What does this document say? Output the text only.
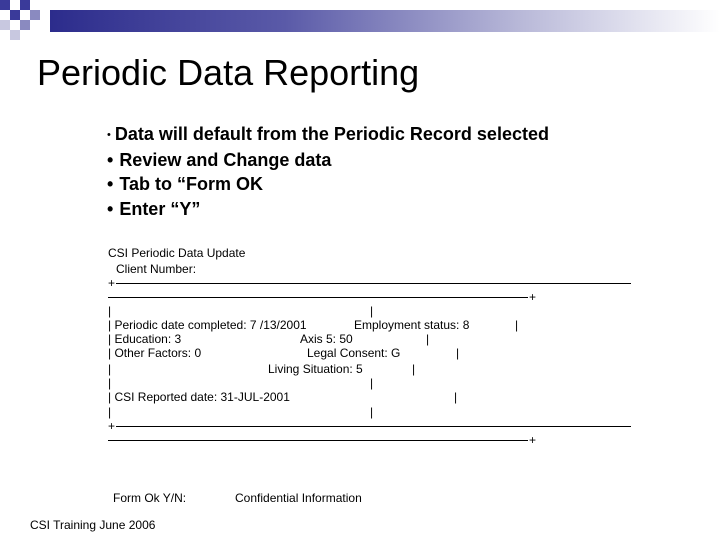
Periodic Data Reporting
• Data will default from the Periodic Record selected
• Review and Change data
• Tab to “Form OK
• Enter “Y”
CSI Periodic Data Update
Client Number:
+
+
|	|
| Periodic date completed: 7 /13/2001	Employment status: 8	|
| Education: 3	Axis 5: 50	|
| Other Factors: 0	Legal Consent: G	|
|	Living Situation: 5	|
|	|
| CSI Reported date: 31-JUL-2001	|
|	|
+
+
Form Ok Y/N:	Confidential Information
CSI Training June 2006
